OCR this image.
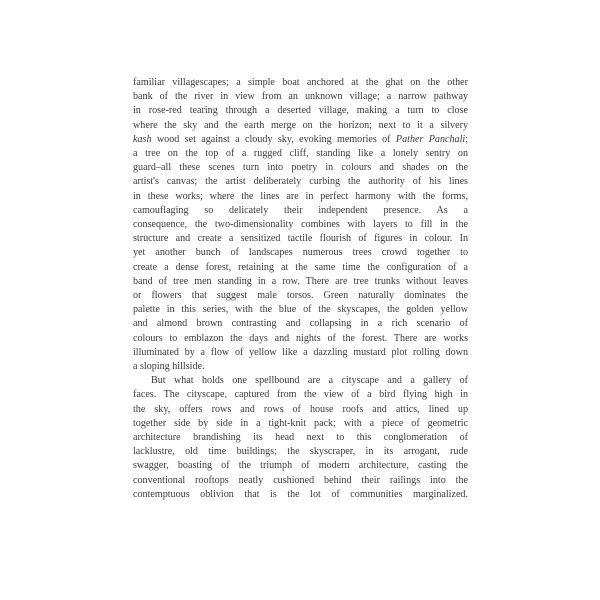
familiar villagescapes; a simple boat anchored at the ghat on the other
bank of the river in view from an unknown village; a narrow pathway
in rose-red tearing through a deserted village, making a turn to close
where the sky and the earth merge on the horizon; next to it a silvery
kash wood set against a cloudy sky, evoking memories of Pather Panchali;
a tree on the top of a rugged cliff, standing like a lonely sentry on
guard–all these scenes turn into poetry in colours and shades on the
artist's canvas; the artist deliberately curbing the authority of his lines
in these works; where the lines are in perfect harmony with the forms,
camouflaging so delicately their independent presence. As a
consequence, the two-dimensionality combines with layers to fill in the
structure and create a sensitized tactile flourish of figures in colour. In
yet another bunch of landscapes numerous trees crowd together to
create a dense forest, retaining at the same time the configuration of a
band of tree men standing in a row. There are tree trunks without leaves
or flowers that suggest male torsos. Green naturally dominates the
palette in this series, with the blue of the skyscapes, the golden yellow
and almond brown contrasting and collapsing in a rich scenario of
colours to emblazon the days and nights of the forest. There are works
illuminated by a flow of yellow like a dazzling mustard plot rolling down
a sloping hillside.
But what holds one spellbound are a cityscape and a gallery of
faces. The cityscape, captured from the view of a bird flying high in
the sky, offers rows and rows of house roofs and attics, lined up
together side by side in a tight-knit pack; with a piece of geometric
architecture brandishing its head next to this conglomeration of
lacklustre, old time buildings; the skyscraper, in its arrogant, rude
swagger, boasting of the triumph of modern architecture, casting the
conventional rooftops neatly cushioned behind their railings into the
contemptuous oblivion that is the lot of communities marginalized.
